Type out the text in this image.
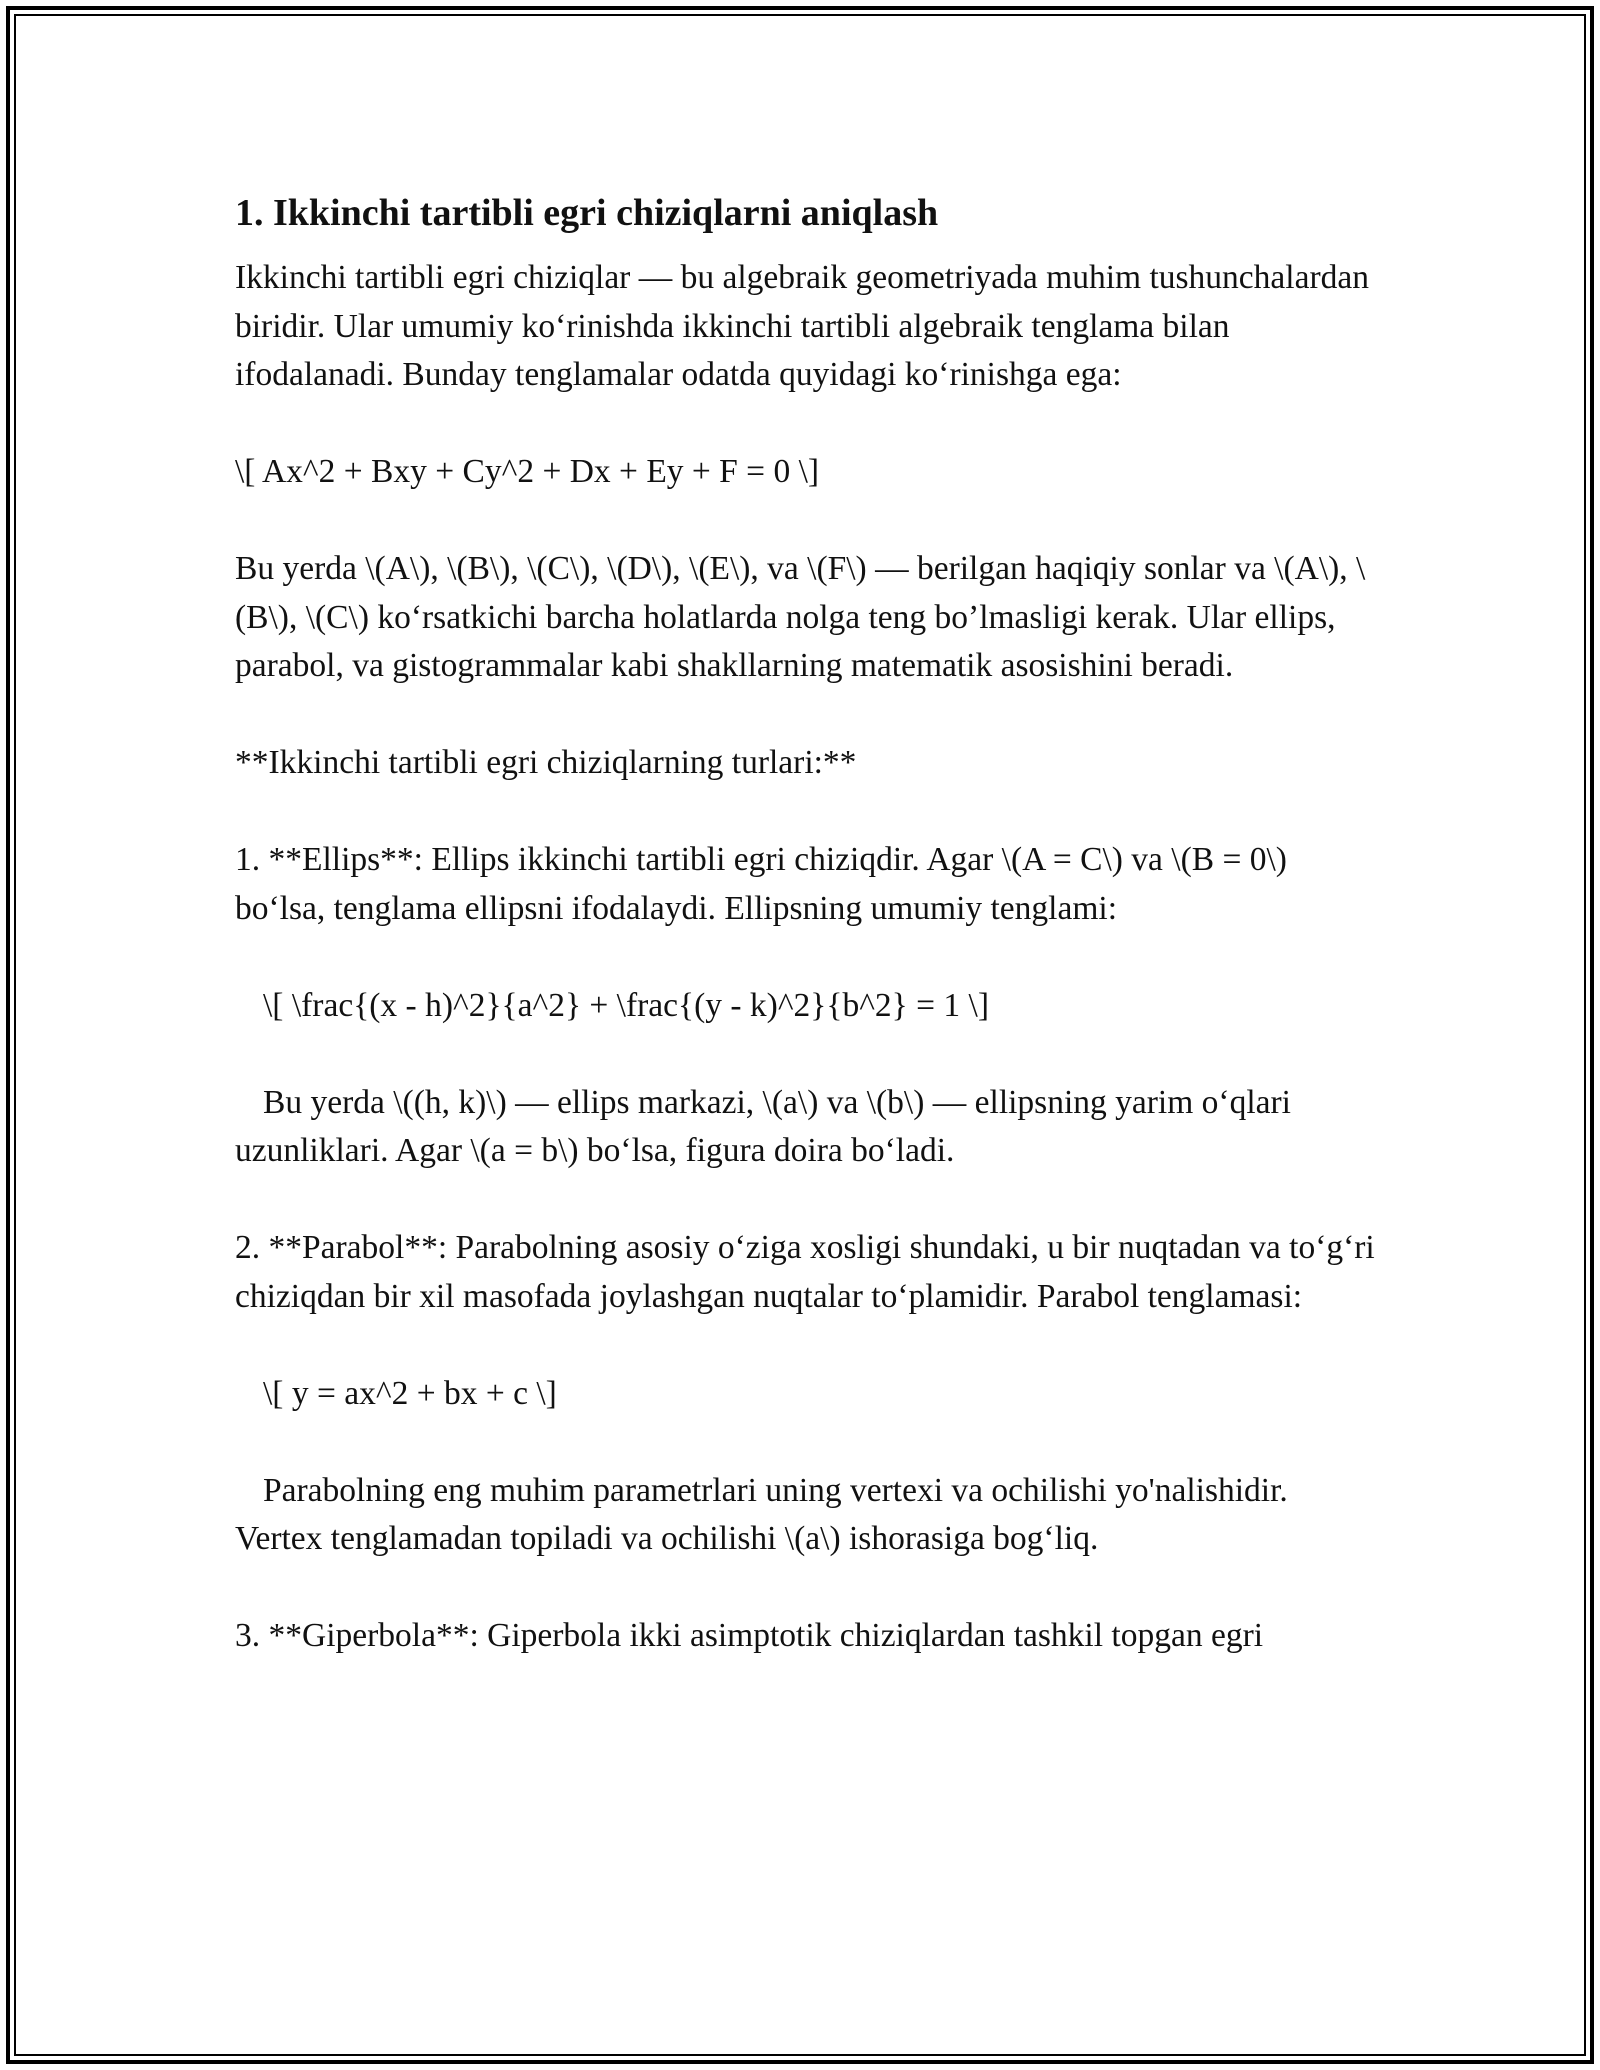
1. Ikkinchi tartibli egri chiziqlarni aniqlash

Ikkinchi tartibli egri chiziqlar — bu algebraik geometriyada muhim tushunchalardan biridir. Ular umumiy ko‘rinishda ikkinchi tartibli algebraik tenglama bilan ifodalanadi. Bunday tenglamalar odatda quyidagi ko‘rinishga ega:

\[ Ax^2 + Bxy + Cy^2 + Dx + Ey + F = 0 \]

Bu yerda \(A\), \(B\), \(C\), \(D\), \(E\), va \(F\) — berilgan haqiqiy sonlar va \(A\), \(B\), \(C\) ko‘rsatkichi barcha holatlarda nolga teng bo’lmasligi kerak. Ular ellips, parabol, va gistogrammalar kabi shakllarning matematik asosishini beradi.

**Ikkinchi tartibli egri chiziqlarning turlari:**

1. **Ellips**: Ellips ikkinchi tartibli egri chiziqdir. Agar \(A = C\) va \(B = 0\) bo‘lsa, tenglama ellipsni ifodalaydi. Ellipsning umumiy tenglami:

\[ \frac{(x - h)^2}{a^2} + \frac{(y - k)^2}{b^2} = 1 \]

Bu yerda \((h, k)\) — ellips markazi, \(a\) va \(b\) — ellipsning yarim o‘qlari uzunliklari. Agar \(a = b\) bo‘lsa, figura doira bo‘ladi.

2. **Parabol**: Parabolning asosiy o‘ziga xosligi shundaki, u bir nuqtadan va to‘g‘ri chiziqdan bir xil masofada joylashgan nuqtalar to‘plamidir. Parabol tenglamasi:

\[ y = ax^2 + bx + c \]

Parabolning eng muhim parametrlari uning vertexi va ochilishi yo'nalishidir. Vertex tenglamadan topiladi va ochilishi \(a\) ishorasiga bog‘liq.

3. **Giperbola**: Giperbola ikki asimptotik chiziqlardan tashkil topgan egri
